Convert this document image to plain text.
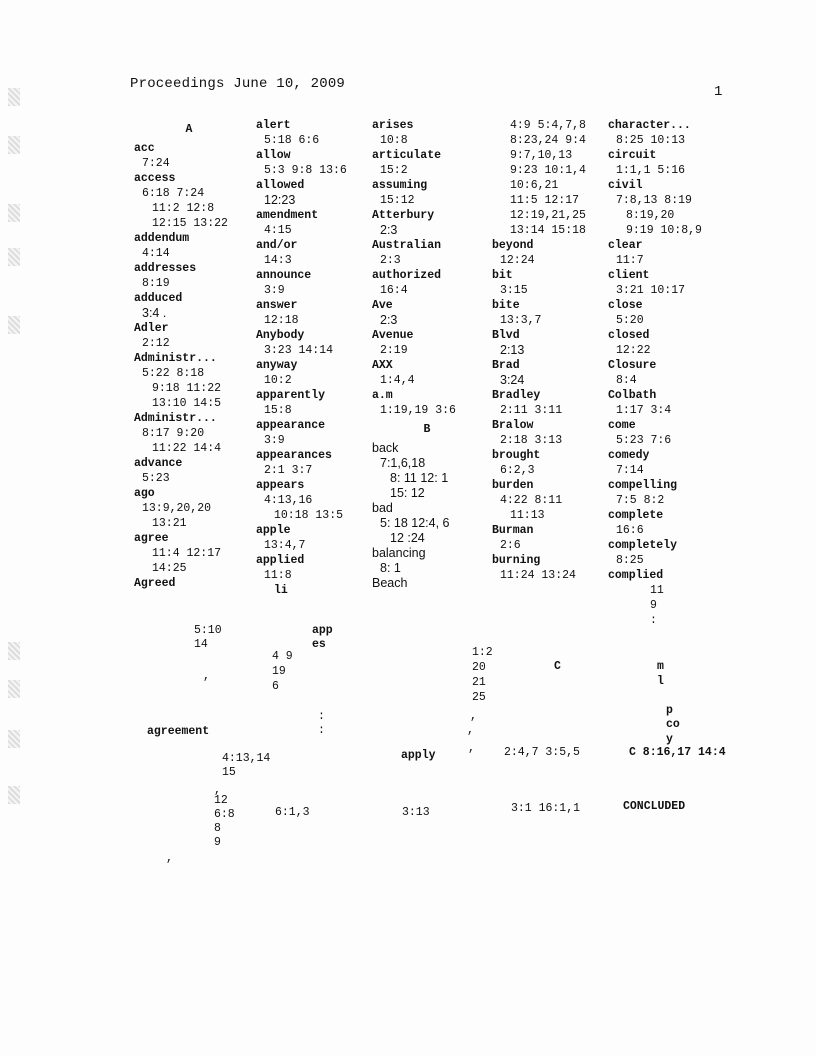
Proceedings June 10, 2009	1
A
acc
7:24
access
6:18 7:24
11:2 12:8
12:15 13:22
addendum
4:14
addresses
8:19
adduced
3:4 .
Adler
2:12
Administr...
5:22 8:18
9:18 11:22
13:10 14:5
Administr...
8:17 9:20
11:22 14:4
advance
5:23
ago
13:9,20,20
13:21
agree
11:4 12:17
14:25
Agreed
alert
5:18 6:6
allow
5:3 9:8 13:6
allowed
12:23
amendment
4:15
and/or
14:3
announce
3:9
answer
12:18
Anybody
3:23 14:14
anyway
10:2
apparently
15:8
appearance
3:9
appearances
2:1 3:7
appears
4:13,16
10:18 13:5
apple
13:4,7
applied
11:8
li
arises
10:8
articulate
15:2
assuming
15:12
Atterbury
2:3
Australian
2:3
authorized
16:4
Ave
2:3
Avenue
2:19
AXX
1:4,4
a.m
1:19,19 3:6
B
back
7:1,6,18
8: 11 12: 1
15: 12
bad
5: 18 12:4, 6
12 :24
balancing
8: 1
Beach
4:9 5:4,7,8
8:23,24 9:4
9:7,10,13
9:23 10:1,4
10:6,21
11:5 12:17
12:19,21,25
13:14 15:18
beyond
12:24
bit
3:15
bite
13:3,7
Blvd
2:13
Brad
3:24
Bradley
2:11 3:11
Bralow
2:18 3:13
brought
6:2,3
burden
4:22 8:11
11:13
Burman
2:6
burning
11:24 13:24
character...
8:25 10:13
circuit
1:1,1 5:16
civil
7:8,13 8:19
8:19,20
9:19 10:8,9
clear
11:7
client
3:21 10:17
close
5:20
closed
12:22
Closure
8:4
Colbath
1:17 3:4
come
5:23 7:6
comedy
7:14
compelling
7:5 8:2
complete
16:6
completely
8:25
complied
11
9
:
5:10
14
,
app
es
4 9
19
6
1:2
20
21
25
C	m
l
:
:
agreement
,
,
,
p
co
y
4:13,14
15
apply	2:4,7 3:5,5	C 8:16,17 14:4
,
12
6:8
8
9
6:1,3	3:13	3:1 16:1,1	CONCLUDED
,
